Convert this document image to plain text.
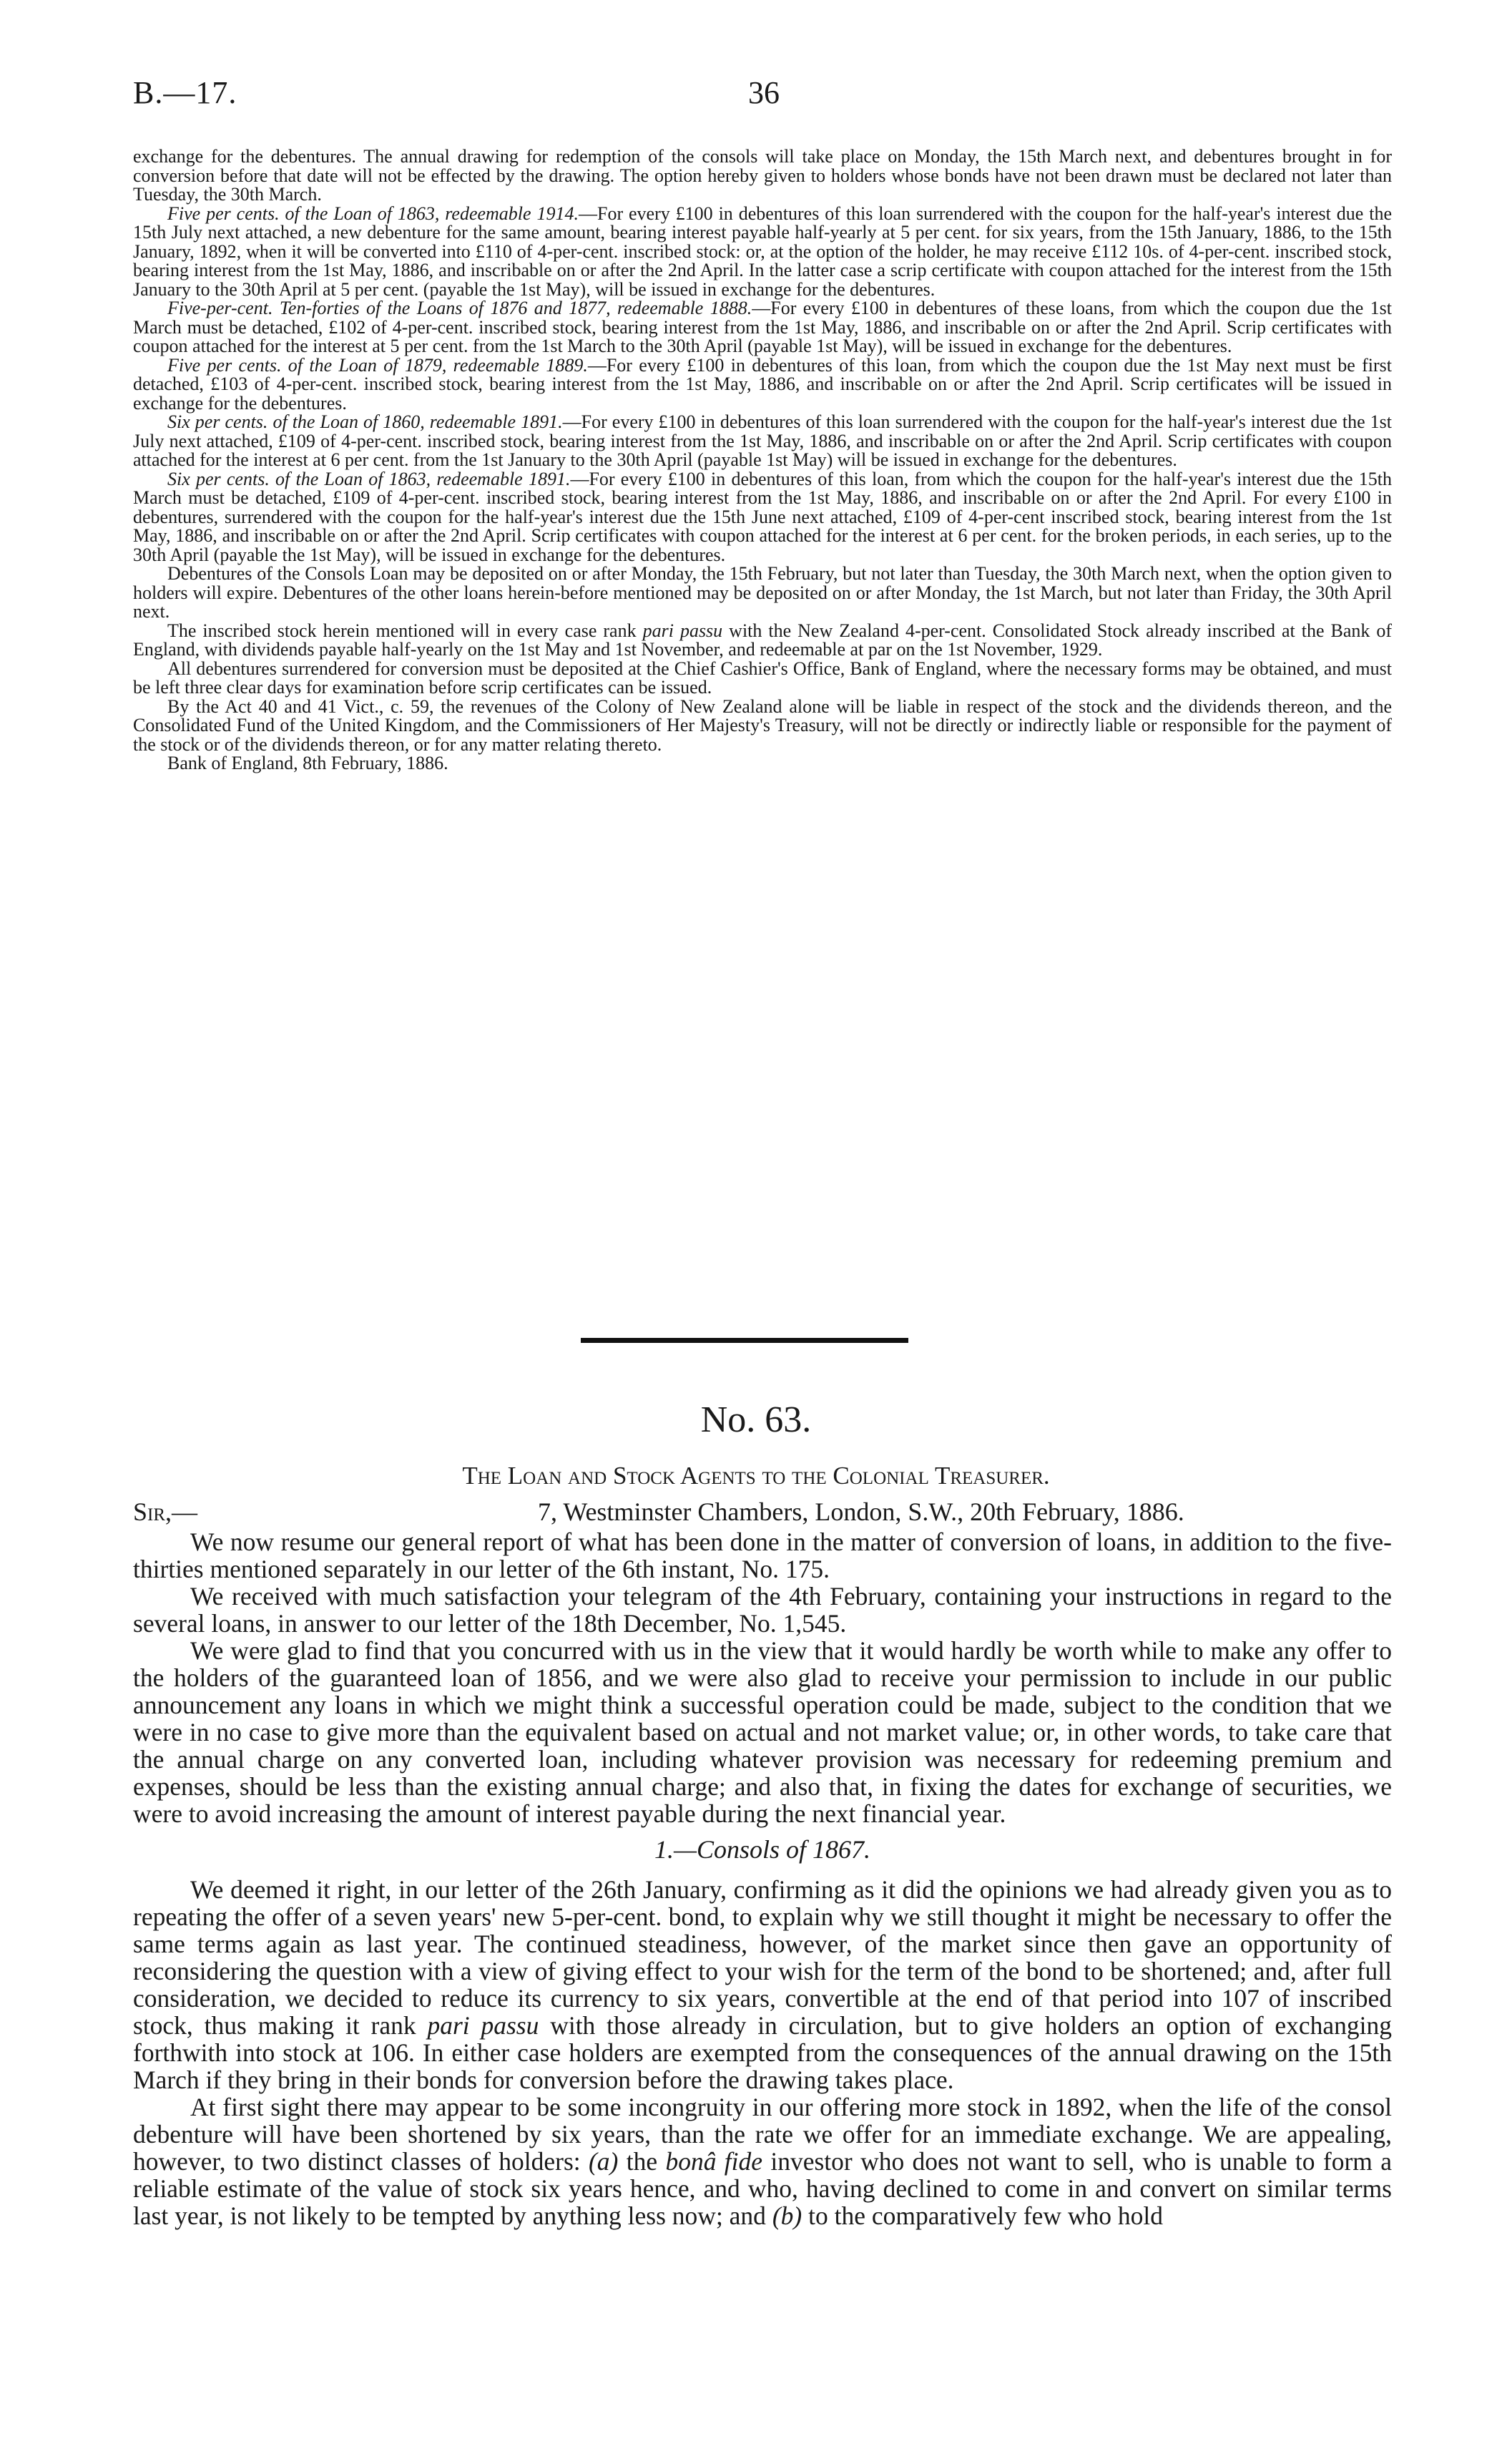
B.—17.	36

exchange for the debentures. The annual drawing for redemption of the consols will take place on Monday, the 15th March next, and debentures brought in for conversion before that date will not be effected by the drawing. The option hereby given to holders whose bonds have not been drawn must be declared not later than Tuesday, the 30th March.

Five per cents. of the Loan of 1863, redeemable 1914.—For every £100 in debentures of this loan surrendered with the coupon for the half-year's interest due the 15th July next attached, a new debenture for the same amount, bearing interest payable half-yearly at 5 per cent. for six years, from the 15th January, 1886, to the 15th January, 1892, when it will be converted into £110 of 4-per-cent. inscribed stock: or, at the option of the holder, he may receive £112 10s. of 4-per-cent. inscribed stock, bearing interest from the 1st May, 1886, and inscribable on or after the 2nd April. In the latter case a scrip certificate with coupon attached for the interest from the 15th January to the 30th April at 5 per cent. (payable the 1st May), will be issued in exchange for the debentures.

Five-per-cent. Ten-forties of the Loans of 1876 and 1877, redeemable 1888.—For every £100 in debentures of these loans, from which the coupon due the 1st March must be detached, £102 of 4-per-cent. inscribed stock, bearing interest from the 1st May, 1886, and inscribable on or after the 2nd April. Scrip certificates with coupon attached for the interest at 5 per cent. from the 1st March to the 30th April (payable 1st May), will be issued in exchange for the debentures.

Five per cents. of the Loan of 1879, redeemable 1889.—For every £100 in debentures of this loan, from which the coupon due the 1st May next must be first detached, £103 of 4-per-cent. inscribed stock, bearing interest from the 1st May, 1886, and inscribable on or after the 2nd April. Scrip certificates will be issued in exchange for the debentures.

Six per cents. of the Loan of 1860, redeemable 1891.—For every £100 in debentures of this loan surrendered with the coupon for the half-year's interest due the 1st July next attached, £109 of 4-per-cent. inscribed stock, bearing interest from the 1st May, 1886, and inscribable on or after the 2nd April. Scrip certificates with coupon attached for the interest at 6 per cent. from the 1st January to the 30th April (payable 1st May) will be issued in exchange for the debentures.

Six per cents. of the Loan of 1863, redeemable 1891.—For every £100 in debentures of this loan, from which the coupon for the half-year's interest due the 15th March must be detached, £109 of 4-per-cent. inscribed stock, bearing interest from the 1st May, 1886, and inscribable on or after the 2nd April. For every £100 in debentures, surrendered with the coupon for the half-year's interest due the 15th June next attached, £109 of 4-per-cent inscribed stock, bearing interest from the 1st May, 1886, and inscribable on or after the 2nd April. Scrip certificates with coupon attached for the interest at 6 per cent. for the broken periods, in each series, up to the 30th April (payable the 1st May), will be issued in exchange for the debentures.

Debentures of the Consols Loan may be deposited on or after Monday, the 15th February, but not later than Tuesday, the 30th March next, when the option given to holders will expire. Debentures of the other loans herein-before mentioned may be deposited on or after Monday, the 1st March, but not later than Friday, the 30th April next.

The inscribed stock herein mentioned will in every case rank pari passu with the New Zealand 4-per-cent. Consolidated Stock already inscribed at the Bank of England, with dividends payable half-yearly on the 1st May and 1st November, and redeemable at par on the 1st November, 1929.

All debentures surrendered for conversion must be deposited at the Chief Cashier's Office, Bank of England, where the necessary forms may be obtained, and must be left three clear days for examination before scrip certificates can be issued.

By the Act 40 and 41 Vict., c. 59, the revenues of the Colony of New Zealand alone will be liable in respect of the stock and the dividends thereon, and the Consolidated Fund of the United Kingdom, and the Commissioners of Her Majesty's Treasury, will not be directly or indirectly liable or responsible for the payment of the stock or of the dividends thereon, or for any matter relating thereto.

Bank of England, 8th February, 1886.

No. 63.
The Loan and Stock Agents to the Colonial Treasurer.
Sir,—	7, Westminster Chambers, London, S.W., 20th February, 1886.

We now resume our general report of what has been done in the matter of conversion of loans, in addition to the five-thirties mentioned separately in our letter of the 6th instant, No. 175.

We received with much satisfaction your telegram of the 4th February, containing your instructions in regard to the several loans, in answer to our letter of the 18th December, No. 1,545.

We were glad to find that you concurred with us in the view that it would hardly be worth while to make any offer to the holders of the guaranteed loan of 1856, and we were also glad to receive your permission to include in our public announcement any loans in which we might think a successful operation could be made, subject to the condition that we were in no case to give more than the equivalent based on actual and not market value; or, in other words, to take care that the annual charge on any converted loan, including whatever provision was necessary for redeeming premium and expenses, should be less than the existing annual charge; and also that, in fixing the dates for exchange of securities, we were to avoid increasing the amount of interest payable during the next financial year.

1.—Consols of 1867.

We deemed it right, in our letter of the 26th January, confirming as it did the opinions we had already given you as to repeating the offer of a seven years' new 5-per-cent. bond, to explain why we still thought it might be necessary to offer the same terms again as last year. The continued steadiness, however, of the market since then gave an opportunity of reconsidering the question with a view of giving effect to your wish for the term of the bond to be shortened; and, after full consideration, we decided to reduce its currency to six years, convertible at the end of that period into 107 of inscribed stock, thus making it rank pari passu with those already in circulation, but to give holders an option of exchanging forthwith into stock at 106. In either case holders are exempted from the consequences of the annual drawing on the 15th March if they bring in their bonds for conversion before the drawing takes place.

At first sight there may appear to be some incongruity in our offering more stock in 1892, when the life of the consol debenture will have been shortened by six years, than the rate we offer for an immediate exchange. We are appealing, however, to two distinct classes of holders: (a) the bonâ fide investor who does not want to sell, who is unable to form a reliable estimate of the value of stock six years hence, and who, having declined to come in and convert on similar terms last year, is not likely to be tempted by anything less now; and (b) to the comparatively few who hold
